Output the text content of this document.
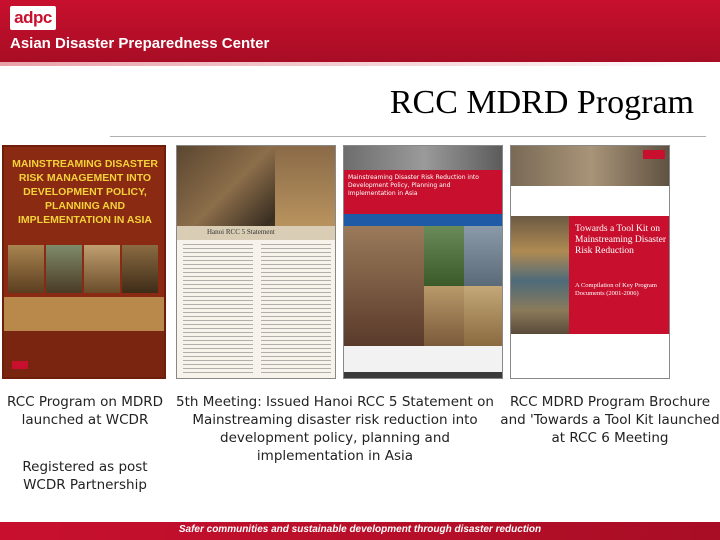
adpc
Asian Disaster Preparedness Center
RCC MDRD Program
MAINSTREAMING DISASTER RISK MANAGEMENT INTO DEVELOPMENT POLICY, PLANNING AND IMPLEMENTATION IN ASIA
Hanoi RCC 5 Statement
Mainstreaming Disaster Risk Reduction into Development Policy, Planning and Implementation in Asia
Towards a Tool Kit on Mainstreaming Disaster Risk Reduction
A Compilation of Key Program Documents (2001-2006)
RCC Program on MDRD launched at WCDR
Registered as post WCDR Partnership
5th Meeting: Issued Hanoi RCC 5 Statement on Mainstreaming disaster risk reduction into development policy, planning and implementation in Asia
RCC MDRD Program Brochure and 'Towards a Tool Kit launched at RCC 6 Meeting
Safer communities and sustainable development through disaster reduction
